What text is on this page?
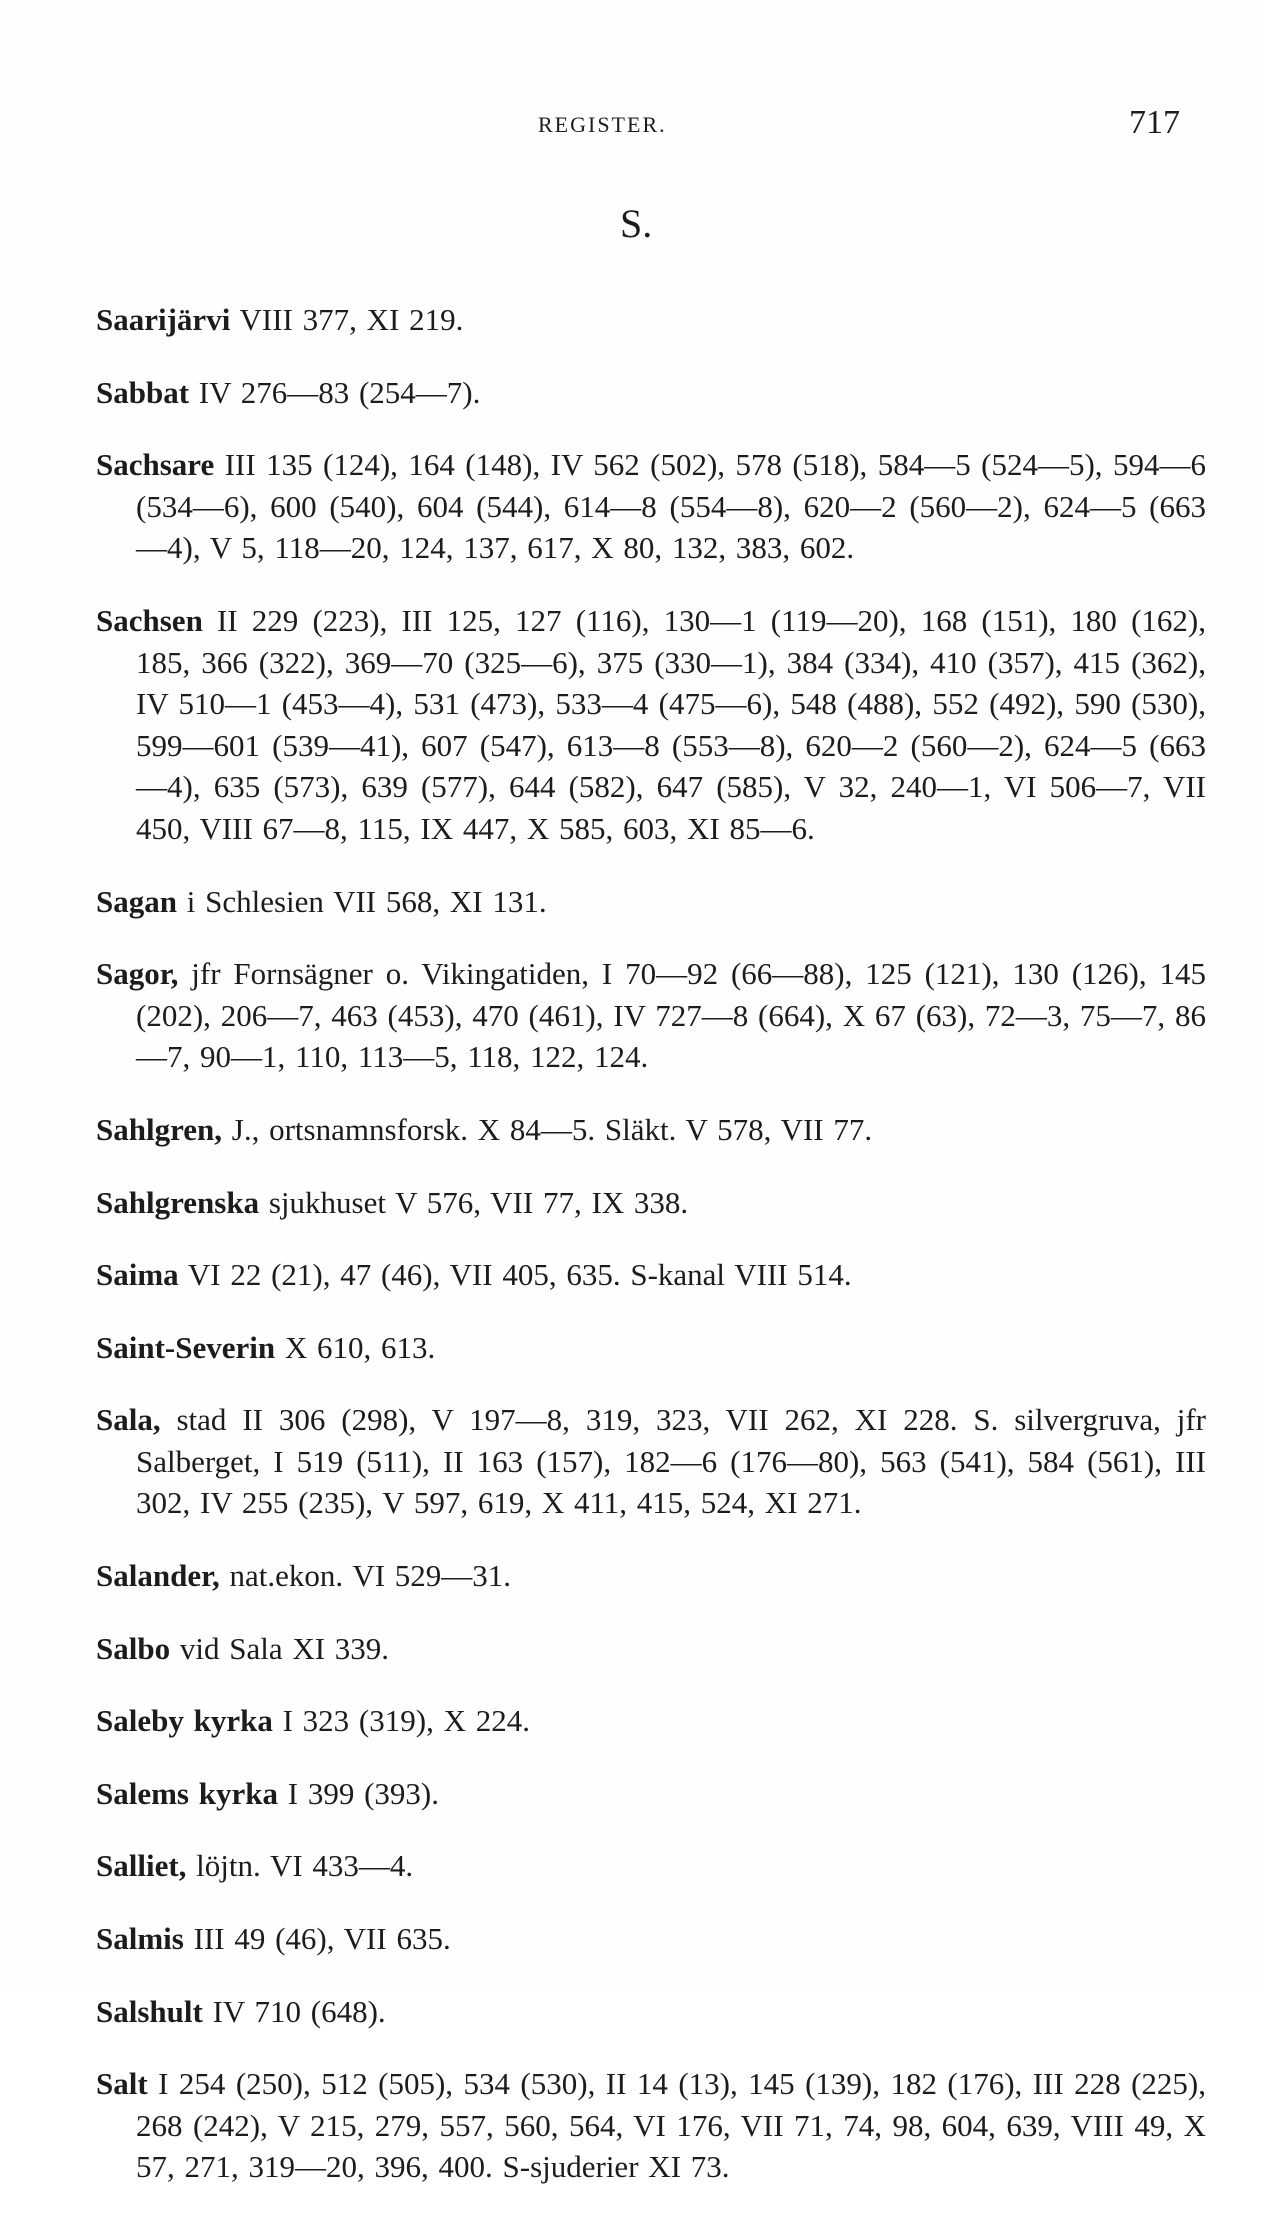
REGISTER.	717
S.

Saarijärvi VIII 377, XI 219.

Sabbat IV 276—83 (254—7).

Sachsare III 135 (124), 164 (148), IV 562 (502), 578 (518), 584—5 (524—5), 594—6 (534—6), 600 (540), 604 (544), 614—8 (554—8), 620—2 (560—2), 624—5 (663—4), V 5, 118—20, 124, 137, 617, X 80, 132, 383, 602.

Sachsen II 229 (223), III 125, 127 (116), 130—1 (119—20), 168 (151), 180 (162), 185, 366 (322), 369—70 (325—6), 375 (330—1), 384 (334), 410 (357), 415 (362), IV 510—1 (453—4), 531 (473), 533—4 (475—6), 548 (488), 552 (492), 590 (530), 599—601 (539—41), 607 (547), 613—8 (553—8), 620—2 (560—2), 624—5 (663—4), 635 (573), 639 (577), 644 (582), 647 (585), V 32, 240—1, VI 506—7, VII 450, VIII 67—8, 115, IX 447, X 585, 603, XI 85—6.

Sagan i Schlesien VII 568, XI 131.

Sagor, jfr Fornsägner o. Vikingatiden, I 70—92 (66—88), 125 (121), 130 (126), 145 (202), 206—7, 463 (453), 470 (461), IV 727—8 (664), X 67 (63), 72—3, 75—7, 86—7, 90—1, 110, 113—5, 118, 122, 124.

Sahlgren, J., ortsnamnsforsk. X 84—5. Släkt. V 578, VII 77.

Sahlgrenska sjukhuset V 576, VII 77, IX 338.

Saima VI 22 (21), 47 (46), VII 405, 635. S-kanal VIII 514.

Saint-Severin X 610, 613.

Sala, stad II 306 (298), V 197—8, 319, 323, VII 262, XI 228. S. silvergruva, jfr Salberget, I 519 (511), II 163 (157), 182—6 (176—80), 563 (541), 584 (561), III 302, IV 255 (235), V 597, 619, X 411, 415, 524, XI 271.

Salander, nat.ekon. VI 529—31.

Salbo vid Sala XI 339.

Saleby kyrka I 323 (319), X 224.

Salems kyrka I 399 (393).

Salliet, löjtn. VI 433—4.

Salmis III 49 (46), VII 635.

Salshult IV 710 (648).

Salt I 254 (250), 512 (505), 534 (530), II 14 (13), 145 (139), 182 (176), III 228 (225), 268 (242), V 215, 279, 557, 560, 564, VI 176, VII 71, 74, 98, 604, 639, VIII 49, X 57, 271, 319—20, 396, 400. S-sjuderier XI 73.
